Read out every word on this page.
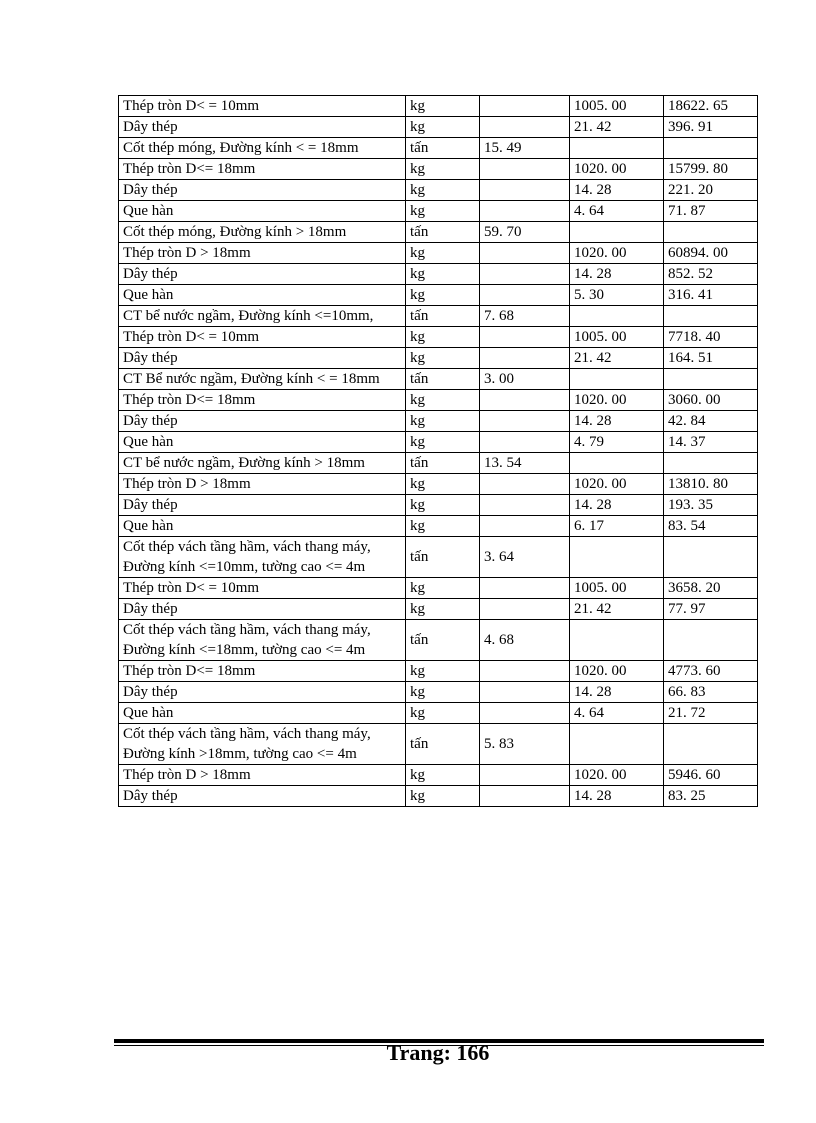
Thép tròn D< = 10mm	kg		1005. 00	18622. 65
Dây thép	kg		21. 42	396. 91
Cốt thép móng, Đường kính < = 18mm	tấn	15. 49		
Thép tròn D<= 18mm	kg		1020. 00	15799. 80
Dây thép	kg		14. 28	221. 20
Que hàn	kg		4. 64	71. 87
Cốt thép móng, Đường kính > 18mm	tấn	59. 70		
Thép tròn D > 18mm	kg		1020. 00	60894. 00
Dây thép	kg		14. 28	852. 52
Que hàn	kg		5. 30	316. 41
CT bể nước ngầm, Đường kính <=10mm,	tấn	7. 68		
Thép tròn D< = 10mm	kg		1005. 00	7718. 40
Dây thép	kg		21. 42	164. 51
CT Bể nước ngầm, Đường kính < = 18mm	tấn	3. 00		
Thép tròn D<= 18mm	kg		1020. 00	3060. 00
Dây thép	kg		14. 28	42. 84
Que hàn	kg		4. 79	14. 37
CT bể nước ngầm, Đường kính > 18mm	tấn	13. 54		
Thép tròn D > 18mm	kg		1020. 00	13810. 80
Dây thép	kg		14. 28	193. 35
Que hàn	kg		6. 17	83. 54
Cốt thép vách tầng hầm, vách thang máy, Đường kính <=10mm, tường cao <= 4m	tấn	3. 64		
Thép tròn D< = 10mm	kg		1005. 00	3658. 20
Dây thép	kg		21. 42	77. 97
Cốt thép vách tầng hầm, vách thang máy, Đường kính <=18mm, tường cao <= 4m	tấn	4. 68		
Thép tròn D<= 18mm	kg		1020. 00	4773. 60
Dây thép	kg		14. 28	66. 83
Que hàn	kg		4. 64	21. 72
Cốt thép vách tầng hầm, vách thang máy, Đường kính >18mm, tường cao <= 4m	tấn	5. 83		
Thép tròn D > 18mm	kg		1020. 00	5946. 60
Dây thép	kg		14. 28	83. 25
Trang: 166
